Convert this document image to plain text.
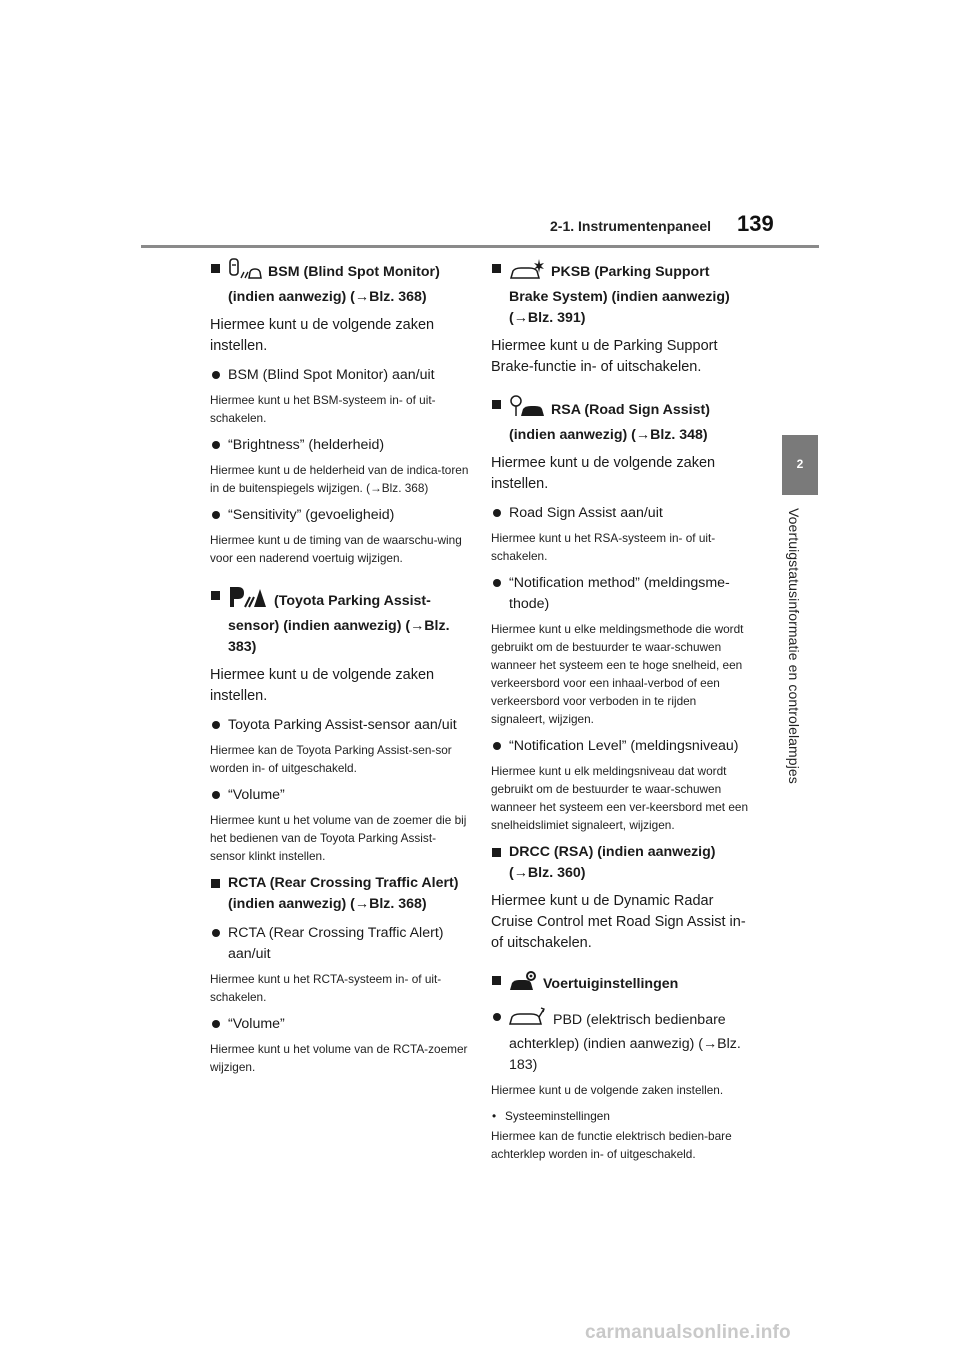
2-1. Instrumentenpaneel 139
2
Voertuigstatusinformatie en controlelampjes
BSM (Blind Spot Monitor) (indien aanwezig) (→Blz. 368)

Hiermee kunt u de volgende zaken instellen.

BSM (Blind Spot Monitor) aan/uit

Hiermee kunt u het BSM-systeem in- of uit-schakelen.

“Brightness” (helderheid)

Hiermee kunt u de helderheid van de indica-toren in de buitenspiegels wijzigen. (→Blz. 368)

“Sensitivity” (gevoeligheid)

Hiermee kunt u de timing van de waarschu-wing voor een naderend voertuig wijzigen.

(Toyota Parking Assist-sensor) (indien aanwezig) (→Blz. 383)

Hiermee kunt u de volgende zaken instellen.

Toyota Parking Assist-sensor aan/uit

Hiermee kan de Toyota Parking Assist-sen-sor worden in- of uitgeschakeld.

“Volume”

Hiermee kunt u het volume van de zoemer die bij het bedienen van de Toyota Parking Assist-sensor klinkt instellen.

RCTA (Rear Crossing Traffic Alert) (indien aanwezig) (→Blz. 368)
RCTA (Rear Crossing Traffic Alert) aan/uit

Hiermee kunt u het RCTA-systeem in- of uit-schakelen.

“Volume”

Hiermee kunt u het volume van de RCTA-zoemer wijzigen.

PKSB (Parking Support Brake System) (indien aanwezig) (→Blz. 391)

Hiermee kunt u de Parking Support Brake-functie in- of uitschakelen.

RSA (Road Sign Assist) (indien aanwezig) (→Blz. 348)

Hiermee kunt u de volgende zaken instellen.

Road Sign Assist aan/uit

Hiermee kunt u het RSA-systeem in- of uit-schakelen.

“Notification method” (meldingsme-thode)

Hiermee kunt u elke meldingsmethode die wordt gebruikt om de bestuurder te waar-schuwen wanneer het systeem een te hoge snelheid, een verkeersbord voor een inhaal-verbod of een verkeersbord voor verboden in te rijden signaleert, wijzigen.

“Notification Level” (meldingsniveau)

Hiermee kunt u elk meldingsniveau dat wordt gebruikt om de bestuurder te waar-schuwen wanneer het systeem een ver-keersbord met een snelheidslimiet signaleert, wijzigen.

DRCC (RSA) (indien aanwezig) (→Blz. 360)

Hiermee kunt u de Dynamic Radar Cruise Control met Road Sign Assist in- of uitschakelen.

Voertuiginstellingen
PBD (elektrisch bedienbare achterklep) (indien aanwezig) (→Blz. 183)

Hiermee kunt u de volgende zaken instellen.

• Systeeminstellingen

Hiermee kan de functie elektrisch bedien-bare achterklep worden in- of uitgeschakeld.

carmanualsonline.info
